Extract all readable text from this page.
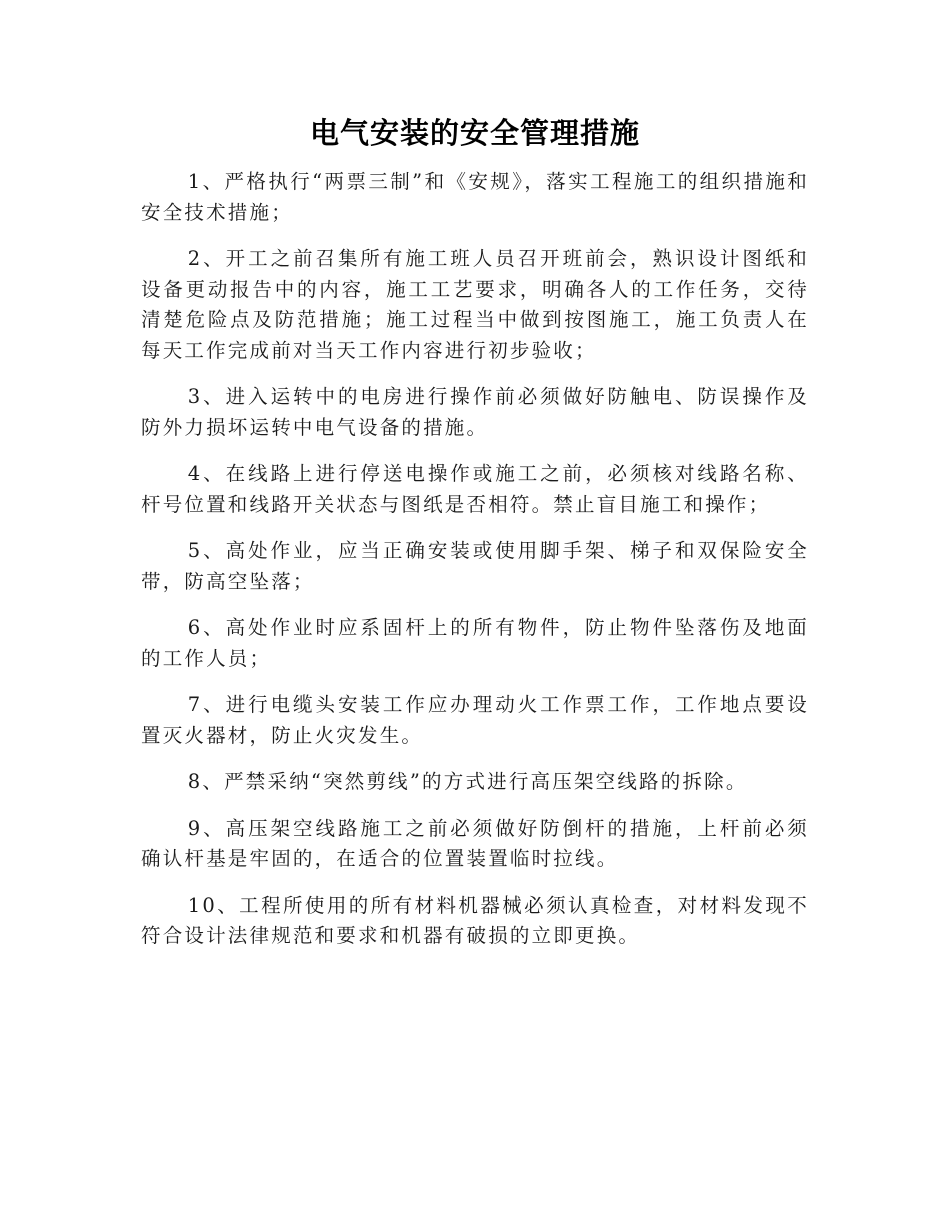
电气安装的安全管理措施

1、严格执行“两票三制”和《安规》，落实工程施工的组织措施和安全技术措施；

2、开工之前召集所有施工班人员召开班前会，熟识设计图纸和设备更动报告中的内容，施工工艺要求，明确各人的工作任务，交待清楚危险点及防范措施；施工过程当中做到按图施工，施工负责人在每天工作完成前对当天工作内容进行初步验收；

3、进入运转中的电房进行操作前必须做好防触电、防误操作及防外力损坏运转中电气设备的措施。

4、在线路上进行停送电操作或施工之前，必须核对线路名称、杆号位置和线路开关状态与图纸是否相符。禁止盲目施工和操作；

5、高处作业，应当正确安装或使用脚手架、梯子和双保险安全带，防高空坠落；

6、高处作业时应系固杆上的所有物件，防止物件坠落伤及地面的工作人员；

7、进行电缆头安装工作应办理动火工作票工作，工作地点要设置灭火器材，防止火灾发生。

8、严禁采纳“突然剪线”的方式进行高压架空线路的拆除。

9、高压架空线路施工之前必须做好防倒杆的措施，上杆前必须确认杆基是牢固的，在适合的位置装置临时拉线。

10、工程所使用的所有材料机器械必须认真检查，对材料发现不符合设计法律规范和要求和机器有破损的立即更换。
